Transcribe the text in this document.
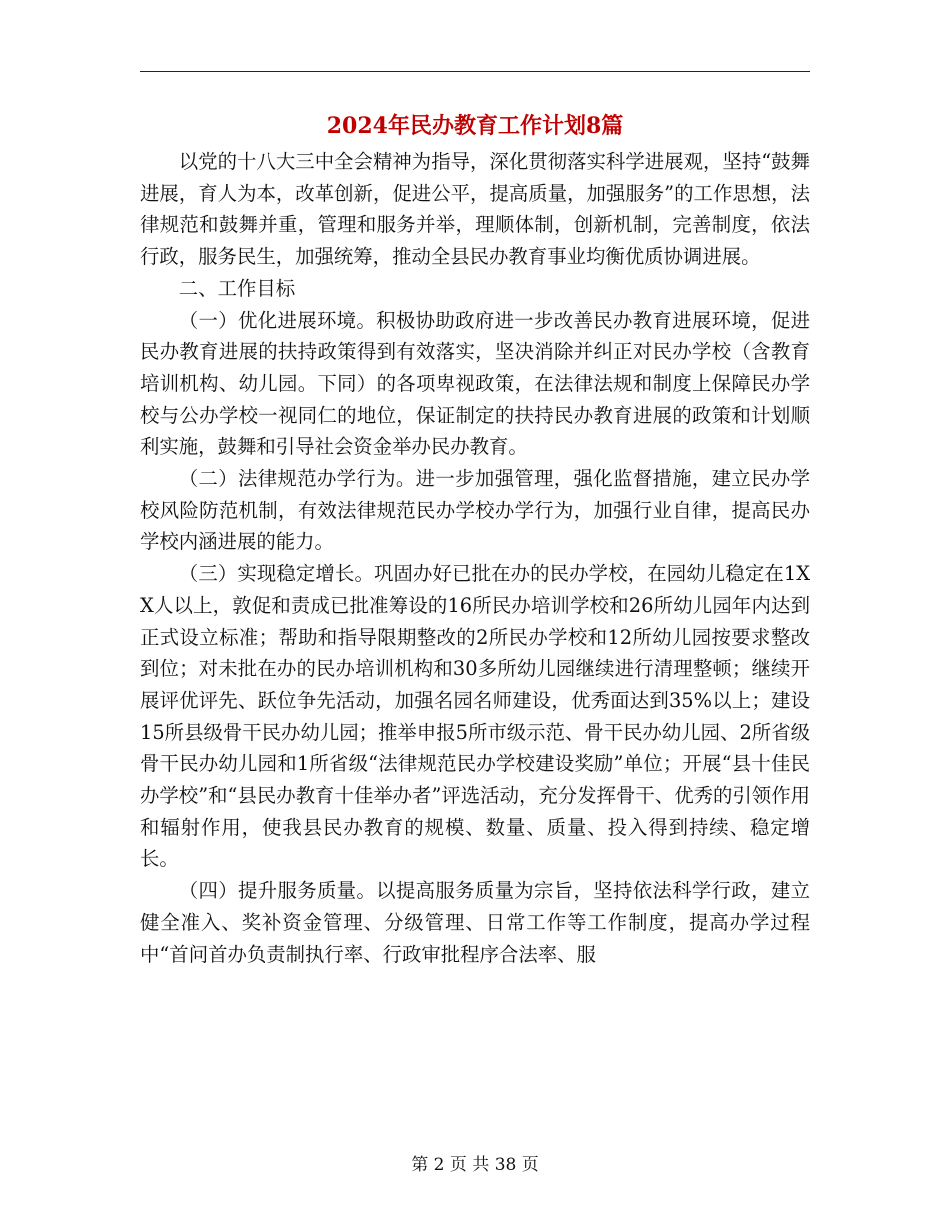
2024年民办教育工作计划8篇

以党的十八大三中全会精神为指导，深化贯彻落实科学进展观，坚持“鼓舞进展，育人为本，改革创新，促进公平，提高质量，加强服务”的工作思想，法律规范和鼓舞并重，管理和服务并举，理顺体制，创新机制，完善制度，依法行政，服务民生，加强统筹，推动全县民办教育事业均衡优质协调进展。

二、工作目标

（一）优化进展环境。积极协助政府进一步改善民办教育进展环境，促进民办教育进展的扶持政策得到有效落实，坚决消除并纠正对民办学校（含教育培训机构、幼儿园。下同）的各项卑视政策，在法律法规和制度上保障民办学校与公办学校一视同仁的地位，保证制定的扶持民办教育进展的政策和计划顺利实施，鼓舞和引导社会资金举办民办教育。

（二）法律规范办学行为。进一步加强管理，强化监督措施，建立民办学校风险防范机制，有效法律规范民办学校办学行为，加强行业自律，提高民办学校内涵进展的能力。

（三）实现稳定增长。巩固办好已批在办的民办学校，在园幼儿稳定在1XX人以上，敦促和责成已批准筹设的16所民办培训学校和26所幼儿园年内达到正式设立标准；帮助和指导限期整改的2所民办学校和12所幼儿园按要求整改到位；对未批在办的民办培训机构和30多所幼儿园继续进行清理整顿；继续开展评优评先、跃位争先活动，加强名园名师建设，优秀面达到35%以上；建设15所县级骨干民办幼儿园；推举申报5所市级示范、骨干民办幼儿园、2所省级骨干民办幼儿园和1所省级“法律规范民办学校建设奖励”单位；开展“县十佳民办学校”和“县民办教育十佳举办者”评选活动，充分发挥骨干、优秀的引领作用和辐射作用，使我县民办教育的规模、数量、质量、投入得到持续、稳定增长。

（四）提升服务质量。以提高服务质量为宗旨，坚持依法科学行政，建立健全准入、奖补资金管理、分级管理、日常工作等工作制度，提高办学过程中“首问首办负责制执行率、行政审批程序合法率、服

第 2 页 共 38 页
